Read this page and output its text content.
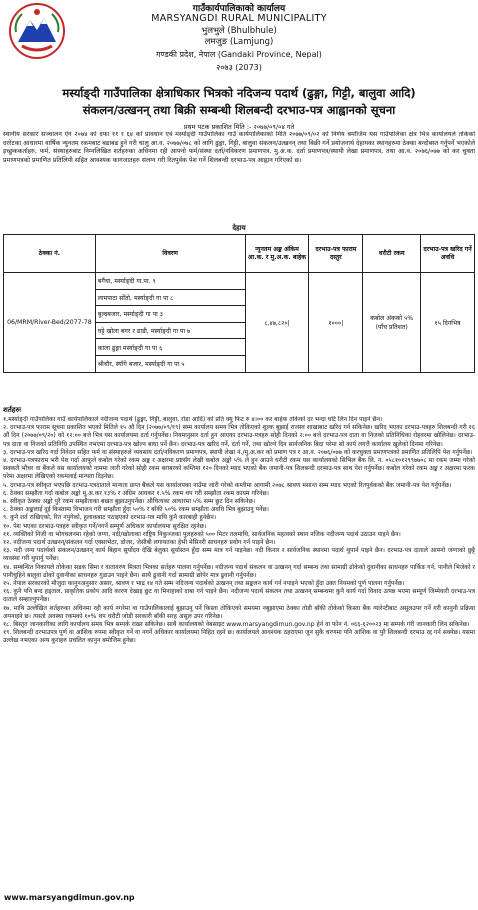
गाउँकार्यपालिकाको कार्यालय
MARSYANGDI RURAL MUNICIPALITY
भुलभुले (Bhulbhule)
लमजुङ (Lamjung)
गण्डकी प्रदेश, नेपाल (Gandaki Province, Nepal)
२०७३ (2073)
मर्स्याङ्दी गाउँपालिका क्षेत्राधिकार भित्रको नदिजन्य पदार्थ (ढुङ्गा, गिट्टी, बालुवा आदि)
संकलन/उत्खनन् तथा बिक्री सम्बन्धी शिलबन्दी दरभाउ-पत्र आह्वानको सूचना
प्रथम पटक प्रकाशित मिति :- २०७७/०९/०४ गते
स्थानीय सरकार सञ्चालन ऐन २०७४ को दफा ११ र ६४ को प्रावधान एवं मर्स्याङ्दी गाउँपालिका गाउँ कार्यपालिकाको मिति २०७७/०९/०२ को निर्णय बमोजिम यस गाउँपालिका क्षेत्र भित्र कार्यालयले तोकेको दररेटका आधारमा वार्षिक न्युनतम रकमबाट बढाबढ हुने गरी चालु आ.व. २०७७/०७८ को लागि ढुङ्गा, गिट्टी, बालुवा संकलन/उत्खनन् तथा बिक्री गर्ने प्रयोजनार्थ देहायका स्थानहरुमा ठेक्का बन्दोबस्त गर्नुपर्ने भएकोले इच्छुककर्ताहरु, फर्म, संस्थाहरुबाट निम्नलिखित शर्तहरुका अधिनमा रही आफ्नो फर्म/संस्था दर्ता/नविकरण प्रमाणपत्र, मु.अ.क. दर्ता प्रमाणपत्र/स्थायी लेखा प्रमाणपत्र, तथा आ.व. २०७६/०७७ को कर चुक्ता प्रमाणपत्रको प्रमाणित प्रतिलिपी सहित आवश्यक कागजातहरु संलग्न गरी रितपुर्वक पेश गर्ने शिलबन्दी दरभाउ-पत्र आह्वान गरिएको छ।
देहाय
ठेक्का नं.	विवरण	न्युनतम अङ्क अंकिम आ.क. र मु.अ.क. बाहेक	दरभाउ-पत्र फाराम दस्तुर	धरौटी रकम	दरभाउ-पत्र खरिद गर्ने अवधि
06/MRM/River-Bed/2077-78	बगैंचा, मर्स्याङ्दी गा.पा. ९	८,४७,८२०|	१०००|	कबोल अंकको ५% (पाँच प्रतिशत)	१५ दिनभित्र
	लामपाटा सोँतो, मर्स्याङ्दी गा पा ८				
	बुल्दबजार, मर्स्याङ्दी गा पा ३				
	घट्टे खोला बगर र ढाडी, मर्स्याङ्दी गा पा ७				
	काला ढुङ्गा मर्स्याङ्दी गा पा ६				
	श्रीचौर, स्याँगे बजार, मर्स्याङ्दी गा पा ५				
शर्तहरुः

१.मर्स्याङ्दी गाउँपालिका गाउँ कार्यपालिकाले नदीजन्य पदार्थ (ढुङ्गा, गिट्टी, बालुवा, रोडा आदि) को प्रति क्यु फिट रु ४।०० कर बाहेक तोकेको दर भन्दा घटि लिन दिन पाइने छैन।

२. दरभाउ-पत्र फाराम सूचना प्रकाशित भएको मितिले १५ औ दिन (२०७७/०९/१९) सम्म कार्यालय समय भित्र तोकिएको शुल्क बुझाई राजस्व शाखाबाट खरिद गर्न सकिनेछ। खरिद भएका दरभाउ-पत्रहरु शिलबन्दी गरी १६ औं दिन (२०७७/०९/२०) को १२:०० बजे भित्र यस कार्यालयमा दर्ता गर्नुपर्नेछ। नियमानुसार दर्ता हुन आएका दरभाउ-पत्रहरु सोही दिनको २:०० बजे दरभाउ-पत्र दाता वा निजको प्रतिनिधिका रोहवरमा खोलिनेछ। दरभाउ-पत्र दाता वा निजको प्रतिनिधि उपस्थित नभएमा दरभाउ-पत्र खोल्न बाधा पर्ने छैन। दरभाउ-पत्र खरिद गर्ने, दर्ता गर्ने, तथा खोल्ने दिन सार्वजनिक बिदा परेमा सो कार्य लगत्तै कार्यालय खुलेको दिनमा गरिनेछ।

३. दरभाउ-पत्र खरिद गर्दा निवेदन सहित फर्म वा संस्थाहरुले व्यवसाय दर्ता/नविकरण प्रमाणपत्र, स्थायी लेखा नं./मु.अ.कर को प्रमाण पत्र र आ.व. २०७६/०७७ को करचुक्ता प्रमाणपत्रको प्रमाणित प्रतिलिपि पेश गर्नुपर्नेछ।

४. दरभाउ-पत्रफाराम भरी पेश गर्दा आफूले कबोल गरेको रकम अङ्क र अक्षरमा प्रष्टसँग लेखी कबोल अङ्को ५% ले हुन आउने धरौटी रकम यस कार्यालयको सिभिल बैंक लि. न. ०५८१०१२९९७७०८ मा रकम जम्मा गरेको सक्कलै भौचर वा बैंकले यस कार्यालयको नाममा जारी गरेको सोही रकम बराबरको कम्तिमा १२० दिनको म्याद भएको बैंक जमानी-पत्र शिलबन्दी दरभाउ-पत्र साथ पेश गर्नुपर्नेछ। कबोल गरेको रकम अङ्क र अक्षरमा फरक परेमा अक्षरमा लेखिएको रकमलाई मान्यता दिइनेछ।

५. दरभाउ-पत्र स्वीकृत भएपछि दरभाउ-पत्रदाताले मान्यता प्राप्त बैंकले यस कार्यालयका नाउँमा जारी गरेको कम्तीमा आगामी २०७८ श्रावण मसान्त सम्म म्याद भएको रितपुर्वकको बैंक जमानी-पत्र पेश गर्नुपर्नेछ।

६. ठेक्का सम्झौता गर्दा कबोल अङ्को मू.अ.कर १३% र अग्रिम आयकर १.५% रकम थप गरी सम्झौता रकम कायम गरिनेछ।

७. स्वीकृत ठेक्का अङ्को पुरै रकम सम्झौताका बखत बुझाउनुपर्नेछ। औचित्यका आधारमा ५% सम्म छुट दिन सकिनेछ।

८. ठेक्का अङ्कलाई दुई किस्तामा विभाजन गरी सम्झौता हुँदा ५०% र बाँकी ५०% रकम सम्झौता अवधि भित्र बुझाउनु पर्नेछ।

९. कुनै शर्त राखिएको, रित नपुगेको, हुलाकबाट पठाइएको दरभाउ-पत्र माथि कुनै कारबाही हुनेछैन।

१०. पेश भएका दरभाउ-पत्रहरु स्वीकृत गर्ने/नगर्ने सम्पूर्ण अधिकार कार्यालयमा सुरक्षित रहनेछ।

११. व्यक्तिको निजी वा भोगचलनमा रहेको जग्गा, नदी/खोलाका राष्ट्रिय निकुञ्जका पुलहरुको ५०० मिटर तलमाथि, सार्वजनिक महत्वको स्थान नजिक नदीजन्य पदार्थ उठाउन पाइने छैन।

१२. नदीजन्य पदार्थ उत्खनन्/संकलन गर्दा एक्साभेटर, डोजर, जेसीबी लगायतका हेभी मेसिनरी साधनहरु प्रयोग गर्न पाइने छैन।

१३. नदी जन्य पदार्थको संकलन/उत्खनन् कार्य बिहान सुर्योदय देखि बेलुका सुर्यास्तन हुँदा सम्म मात्र गर्न पाइनेछ। नदी किनार र सार्वजनिक स्थानमा पदार्थ थुपार्न पाइने छैन। दरभाउ-पत्र दाताले आफ्नो जग्गाको छुट्टै व्यवस्था गरी थुपार्नु पर्नेछ।

१४. सम्बन्धित निकायले तोकेका सडक सिमा र वातावरण मित्रता भित्रका सर्तहरु पालना गर्नुपर्नेछ। नदीजन्य पदार्थ संकलन वा उत्खनन् गर्दा सम्बन्ध तथा सामाग्री ढोकेको दुवानीका साधनहरु पार्किङ गर्न, पानीले भिजेको र पानीचुहिने बालुवा ढोको दुवानीका साधनहरु गुडाउन पाइने छैन। साथै ढुवानी गर्दा सामाग्री छोपेर मात्र ढुवानी गर्नुपर्नेछ।

१५. नेपाल सरकारको मौजुदा कानुनअनुसार असार, श्रावण र भाद्र १४ गते सम्म नदिजन्य पदार्थको उत्खनन् तथा सङ्कलन कार्य गर्न नपाइने भएको हुँदा उक्त नियमको पूर्ण पालना गर्नुपर्नेछ।

१६. कुनै पनि बन्द हड्ताल, प्राकृतिक प्रकोप आदि कारण देखाइ छुट वा मिनाहाको दाबा गर्न पाइने छैन। नदीजन्य पदार्थ संकलन तथा उत्खनन् सम्बन्धमा कुनै कार्य गर्दा विवाद उत्पन्न भएमा सम्पूर्ण जिम्मेवारी दरभाउ-पत्र दाताले सम्हाल्नुपर्नेछ।

१७. माथि उल्लेखित शर्तहरुका अधिनमा रही कार्य नगरेमा वा गाउँपालिकालाई बुझाउनु पर्ने किस्ता तोकिएको समयमा नबुझाएमा ठेक्का तोडी बाँकी तोकेको किस्ता बैंक ग्यारेन्टीबाट असुलउपर गर्ने गरी कानुनी प्रक्रिया अपनाइने छ। त्यस्तो अवस्था रकमको १०% थप धरौटी जोडी सरकारी बाँकी सरह असुल उपर गरिनेछ।

१८. बिस्तृत जानकारीका लागि कार्यालय समय भित्र सम्पर्क राख्न सकिनेछ। साथै कार्यालयको वेबसाइट www.marsyangdimun.gov.np हेर्न वा फोन नं. ०६६-६२००२३ मा सम्पर्क गरी जानकारी लिन सकिनेछ।

१९. शिलबन्दी दरभाउपत्र पूर्ण वा आंशिक रुपमा स्वीकृत गर्ने वा नगर्ने अधिकार कार्यालयमा निहित रहने छ। कार्यालयले आवश्यक ठहराएमा जुन सुकै चरणमा पनि आंशिक वा पुरै शिलबन्दी दरभाउ रद्द गर्न सक्नेछ। यसमा उल्लेख नभएका अन्य कुराहरु प्रचलित कानुन बमोजिम हुनेछ।

www.marsyangdimun.gov.np
